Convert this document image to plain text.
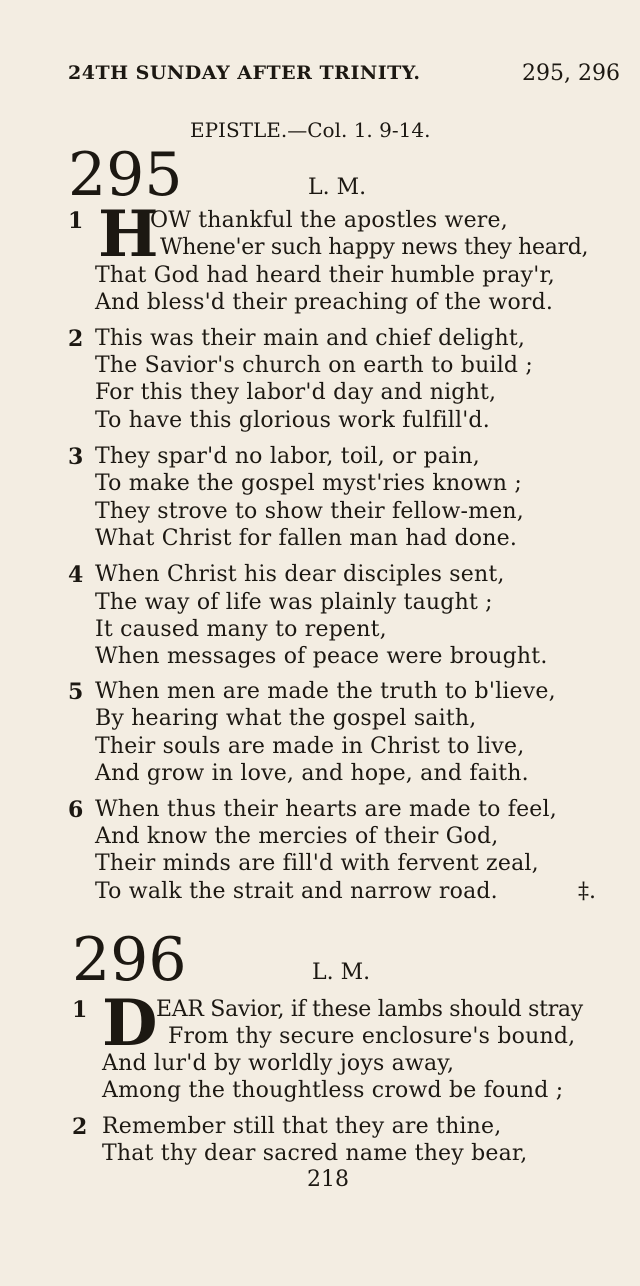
24TH SUNDAY AFTER TRINITY.	295, 296
EPISTLE.—Col. 1. 9-14.
295	L. M.
1 H
OW thankful the apostles were,
Whene'er such happy news they heard,
That God had heard their humble pray'r,
And bless'd their preaching of the word.
2 This was their main and chief delight,
The Savior's church on earth to build ;
For this they labor'd day and night,
To have this glorious work fulfill'd.
3 They spar'd no labor, toil, or pain,
To make the gospel myst'ries known ;
They strove to show their fellow-men,
What Christ for fallen man had done.
4 When Christ his dear disciples sent,
The way of life was plainly taught ;
It caused many to repent,
When messages of peace were brought.
5 When men are made the truth to b'lieve,
By hearing what the gospel saith,
Their souls are made in Christ to live,
And grow in love, and hope, and faith.
6 When thus their hearts are made to feel,
And know the mercies of their God,
Their minds are fill'd with fervent zeal,
To walk the strait and narrow road.	‡.
296	L. M.
1 D
EAR Savior, if these lambs should stray
From thy secure enclosure's bound,
And lur'd by worldly joys away,
Among the thoughtless crowd be found ;
2 Remember still that they are thine,
That thy dear sacred name they bear,
218
